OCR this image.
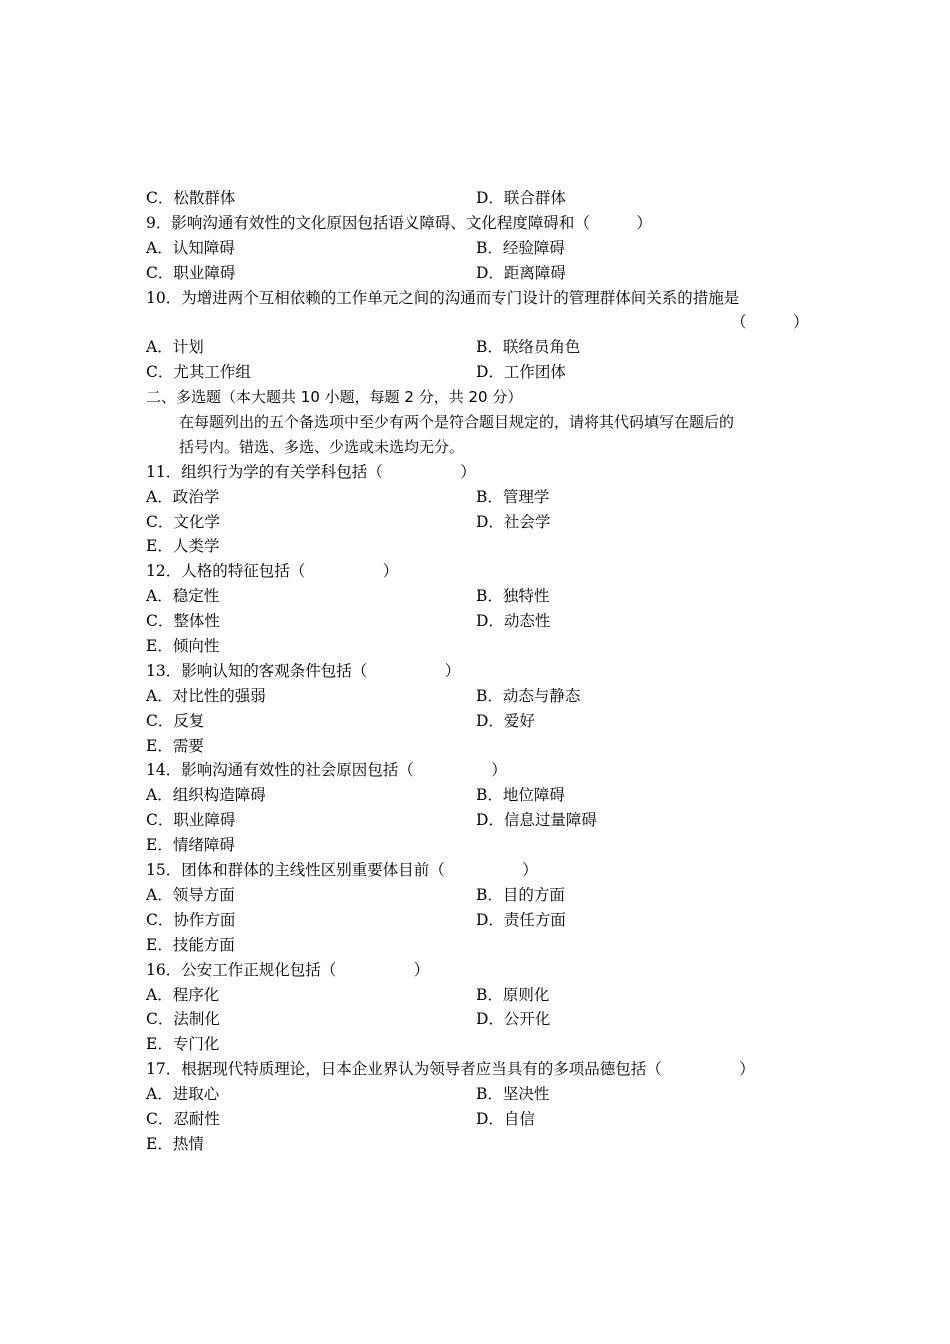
C．松散群体	D．联合群体
9．影响沟通有效性的文化原因包括语义障碍、文化程度障碍和（　　　）
A．认知障碍	B．经验障碍
C．职业障碍	D．距离障碍
10．为增进两个互相依赖的工作单元之间的沟通而专门设计的管理群体间关系的措施是
（　　　）
A．计划	B．联络员角色
C．尤其工作组	D．工作团体
二、多选题（本大题共 10 小题，每题 2 分，共 20 分）
在每题列出的五个备选项中至少有两个是符合题目规定的，请将其代码填写在题后的
括号内。错选、多选、少选或未选均无分。
11．组织行为学的有关学科包括（　　　　　）
A．政治学	B．管理学
C．文化学	D．社会学
E．人类学
12．人格的特征包括（　　　　　）
A．稳定性	B．独特性
C．整体性	D．动态性
E．倾向性
13．影响认知的客观条件包括（　　　　　）
A．对比性的强弱	B．动态与静态
C．反复	D．爱好
E．需要
14．影响沟通有效性的社会原因包括（　　　　　）
A．组织构造障碍	B．地位障碍
C．职业障碍	D．信息过量障碍
E．情绪障碍
15．团体和群体的主线性区别重要体目前（　　　　　）
A．领导方面	B．目的方面
C．协作方面	D．责任方面
E．技能方面
16．公安工作正规化包括（　　　　　）
A．程序化	B．原则化
C．法制化	D．公开化
E．专门化
17．根据现代特质理论，日本企业界认为领导者应当具有的多项品德包括（　　　　　）
A．进取心	B．坚决性
C．忍耐性	D．自信
E．热情
